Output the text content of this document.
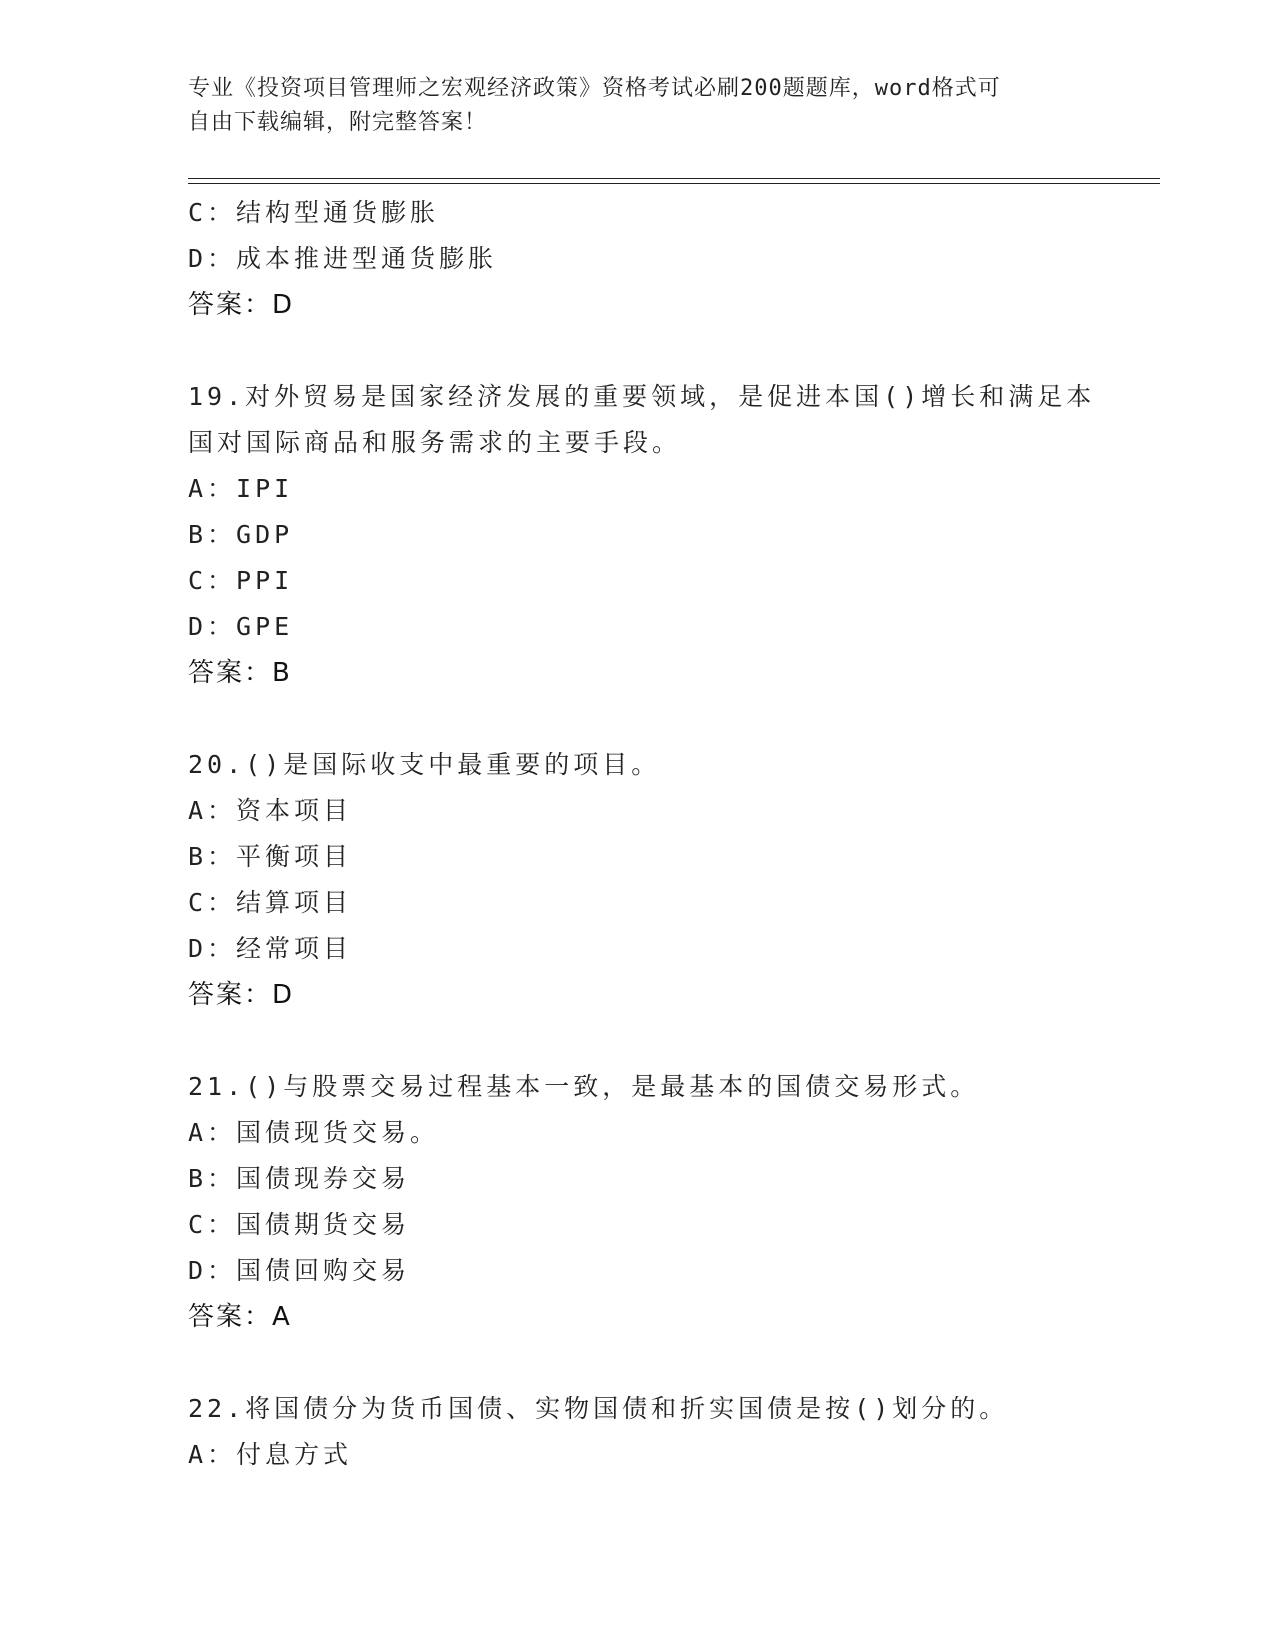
专业《投资项目管理师之宏观经济政策》资格考试必刷200题题库，word格式可
自由下载编辑，附完整答案！
C：结构型通货膨胀
D：成本推进型通货膨胀
答案：D
19.对外贸易是国家经济发展的重要领域，是促进本国()增长和满足本
国对国际商品和服务需求的主要手段。
A：IPI
B：GDP
C：PPI
D：GPE
答案：B
20.()是国际收支中最重要的项目。
A：资本项目
B：平衡项目
C：结算项目
D：经常项目
答案：D
21.()与股票交易过程基本一致，是最基本的国债交易形式。
A：国债现货交易。
B：国债现券交易
C：国债期货交易
D：国债回购交易
答案：A
22.将国债分为货币国债、实物国债和折实国债是按()划分的。
A：付息方式
